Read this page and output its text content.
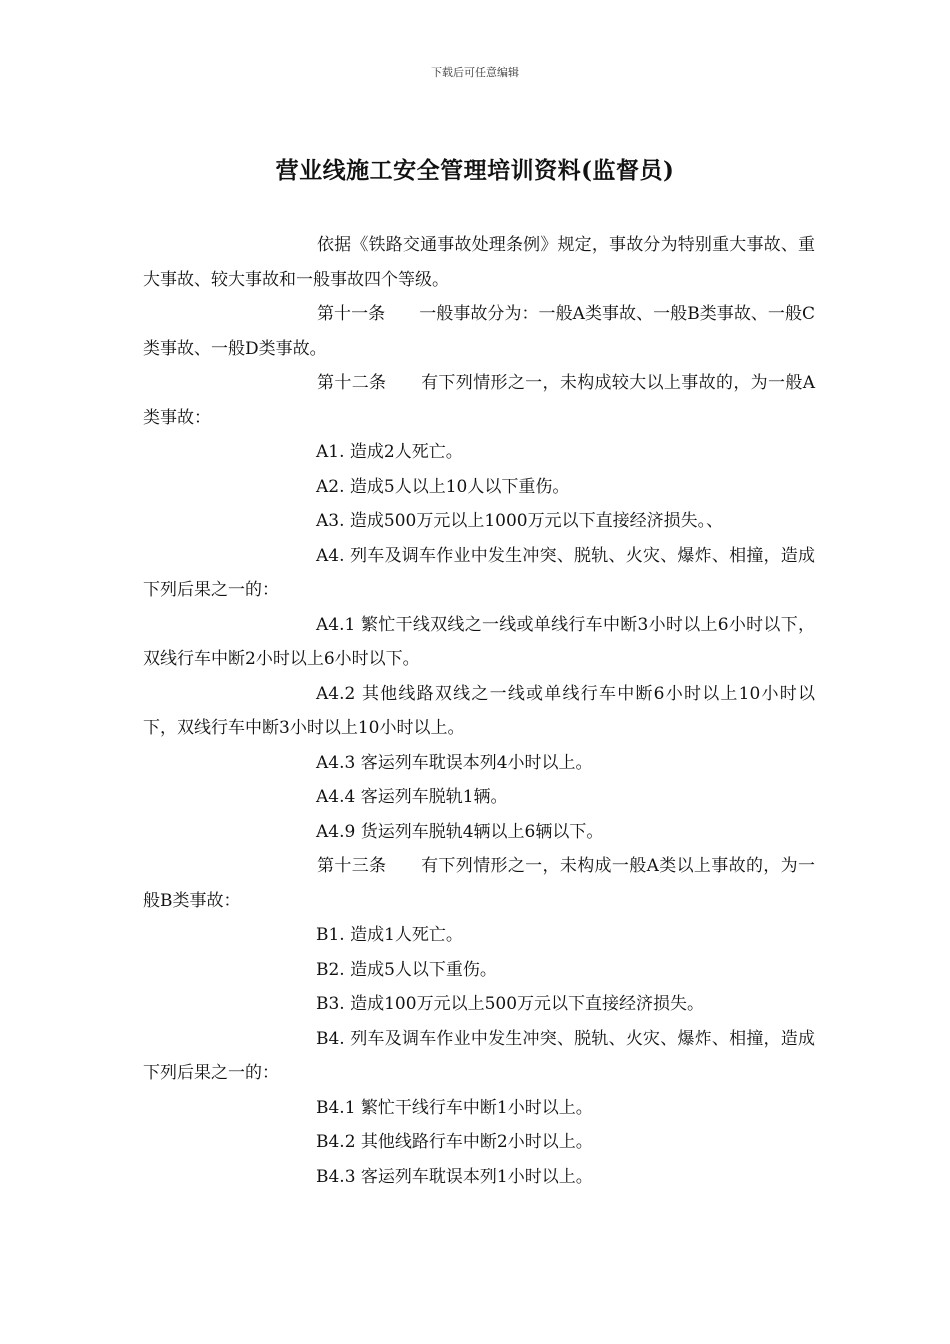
下载后可任意编辑
营业线施工安全管理培训资料(监督员)

依据《铁路交通事故处理条例》规定，事故分为特别重大事故、重大事故、较大事故和一般事故四个等级。

第十一条　　一般事故分为：一般A类事故、一般B类事故、一般C类事故、一般D类事故。

第十二条　　有下列情形之一，未构成较大以上事故的，为一般A类事故：

A1. 造成2人死亡。

A2. 造成5人以上10人以下重伤。

A3. 造成500万元以上1000万元以下直接经济损失。、

A4. 列车及调车作业中发生冲突、脱轨、火灾、爆炸、相撞，造成下列后果之一的：

A4.1 繁忙干线双线之一线或单线行车中断3小时以上6小时以下，双线行车中断2小时以上6小时以下。

A4.2 其他线路双线之一线或单线行车中断6小时以上10小时以下，双线行车中断3小时以上10小时以上。

A4.3 客运列车耽误本列4小时以上。

A4.4 客运列车脱轨1辆。

A4.9 货运列车脱轨4辆以上6辆以下。

第十三条　　有下列情形之一，未构成一般A类以上事故的，为一般B类事故：

B1. 造成1人死亡。

B2. 造成5人以下重伤。

B3. 造成100万元以上500万元以下直接经济损失。

B4. 列车及调车作业中发生冲突、脱轨、火灾、爆炸、相撞，造成下列后果之一的：

B4.1 繁忙干线行车中断1小时以上。

B4.2 其他线路行车中断2小时以上。

B4.3 客运列车耽误本列1小时以上。
